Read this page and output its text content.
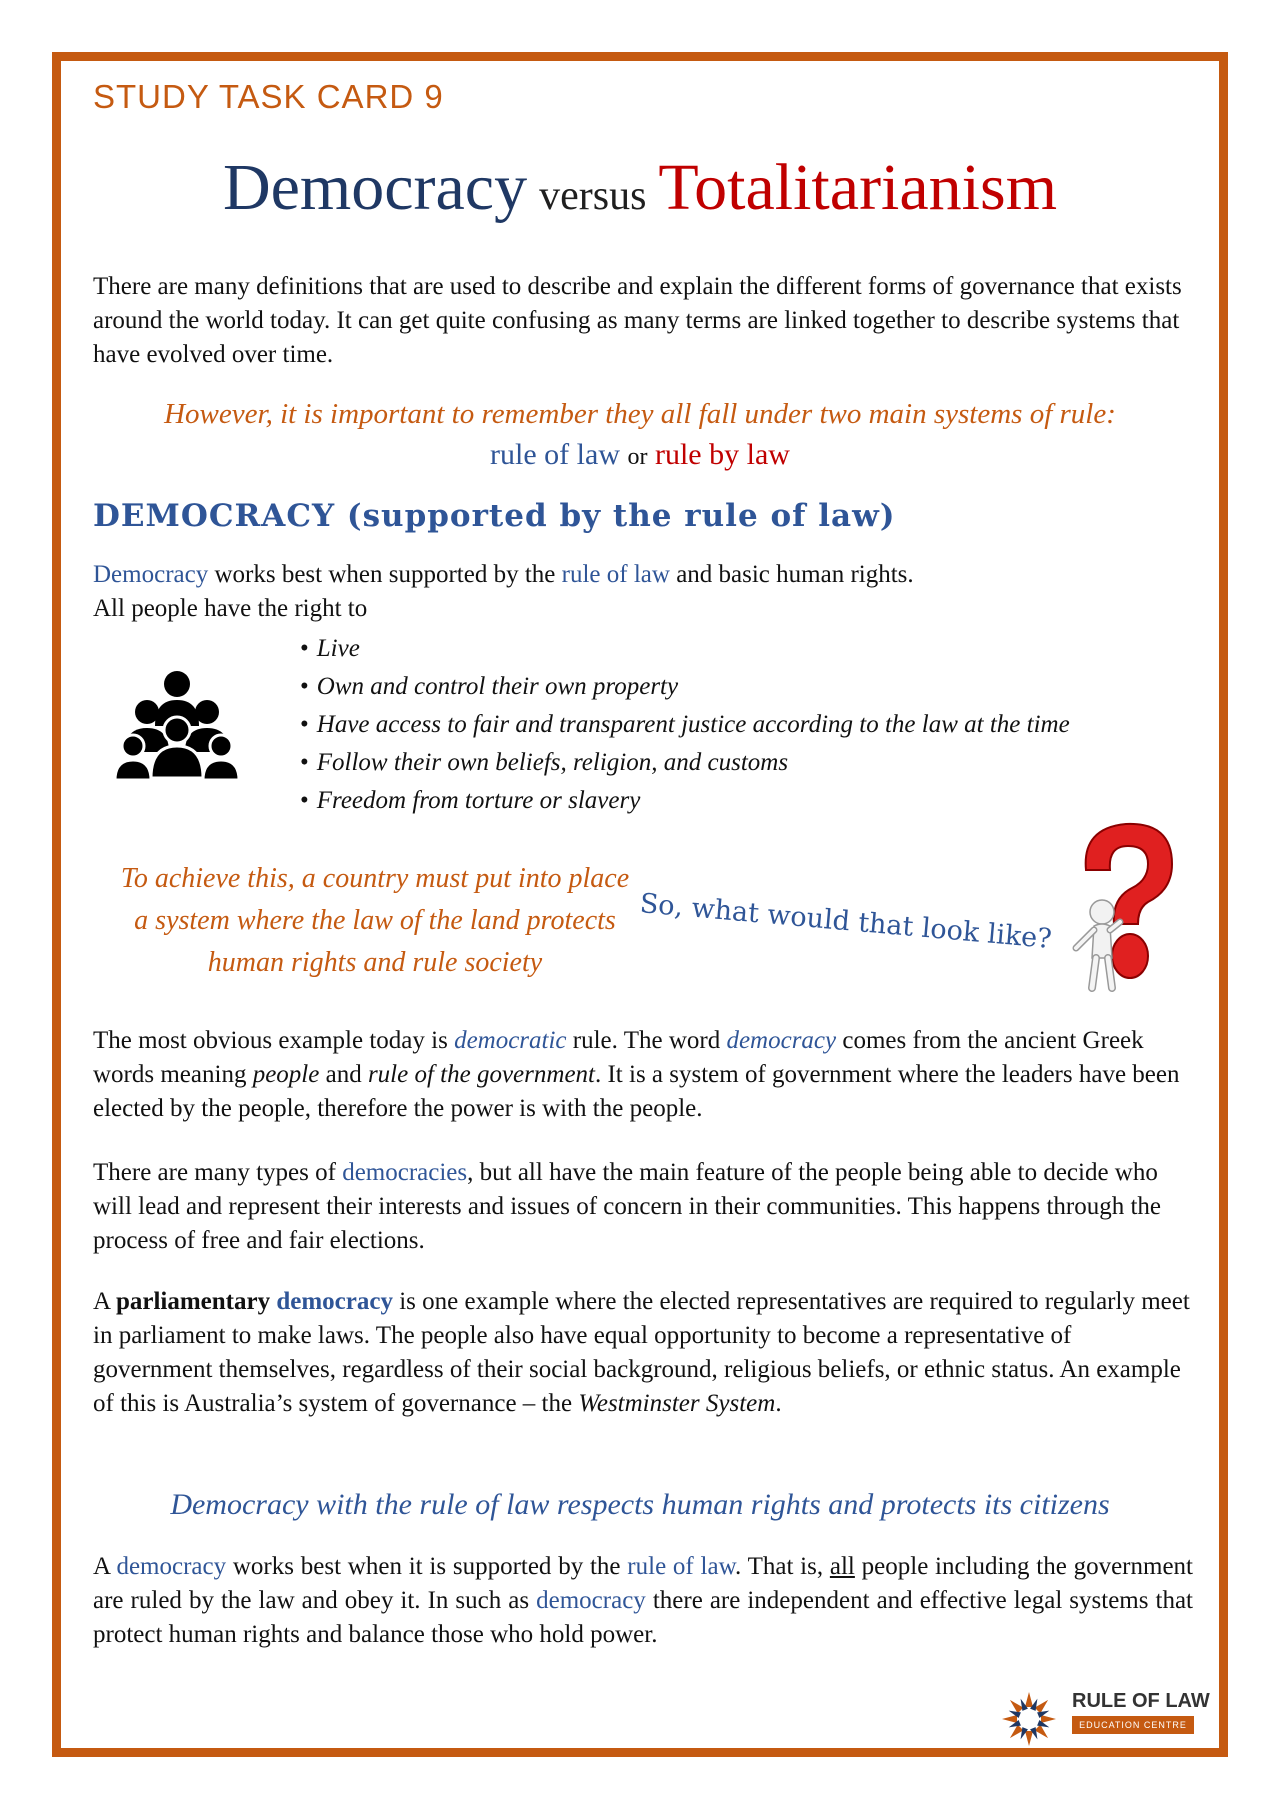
STUDY TASK CARD 9
Democracy versus Totalitarianism
There are many definitions that are used to describe and explain the different forms of governance that exists around the world today. It can get quite confusing as many terms are linked together to describe systems that have evolved over time.
However, it is important to remember they all fall under two main systems of rule:
rule of law or rule by law
DEMOCRACY (supported by the rule of law)
Democracy works best when supported by the rule of law and basic human rights.
All people have the right to
• Live
• Own and control their own property
• Have access to fair and transparent justice according to the law at the time
• Follow their own beliefs, religion, and customs
• Freedom from torture or slavery
To achieve this, a country must put into place a system where the law of the land protects human rights and rule society
So, what would that look like?
The most obvious example today is democratic rule. The word democracy comes from the ancient Greek words meaning people and rule of the government. It is a system of government where the leaders have been elected by the people, therefore the power is with the people.
There are many types of democracies, but all have the main feature of the people being able to decide who will lead and represent their interests and issues of concern in their communities. This happens through the process of free and fair elections.
A parliamentary democracy is one example where the elected representatives are required to regularly meet in parliament to make laws. The people also have equal opportunity to become a representative of government themselves, regardless of their social background, religious beliefs, or ethnic status. An example of this is Australia’s system of governance – the Westminster System.
Democracy with the rule of law respects human rights and protects its citizens
A democracy works best when it is supported by the rule of law. That is, all people including the government are ruled by the law and obey it. In such as democracy there are independent and effective legal systems that protect human rights and balance those who hold power.
RULE OF LAW
EDUCATION CENTRE
